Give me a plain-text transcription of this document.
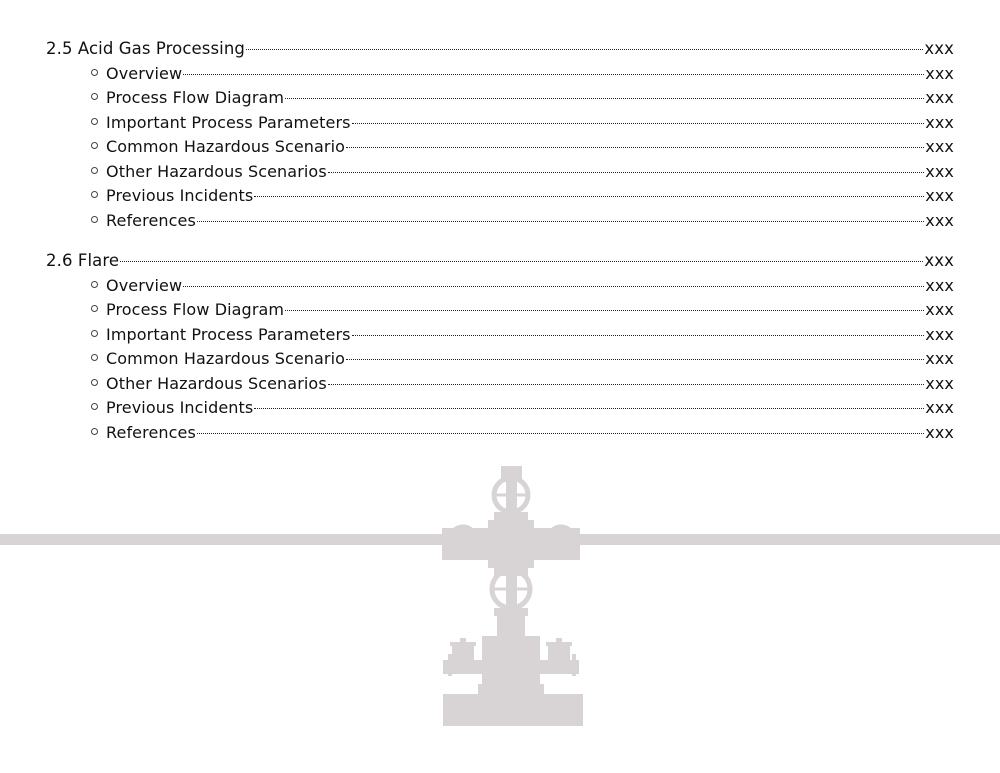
2.5 Acid Gas Processing	xxx
Overview	xxx
Process Flow Diagram	xxx
Important Process Parameters	xxx
Common Hazardous Scenario	xxx
Other Hazardous Scenarios	xxx
Previous Incidents	xxx
References	xxx
2.6 Flare	xxx
Overview	xxx
Process Flow Diagram	xxx
Important Process Parameters	xxx
Common Hazardous Scenario	xxx
Other Hazardous Scenarios	xxx
Previous Incidents	xxx
References	xxx
